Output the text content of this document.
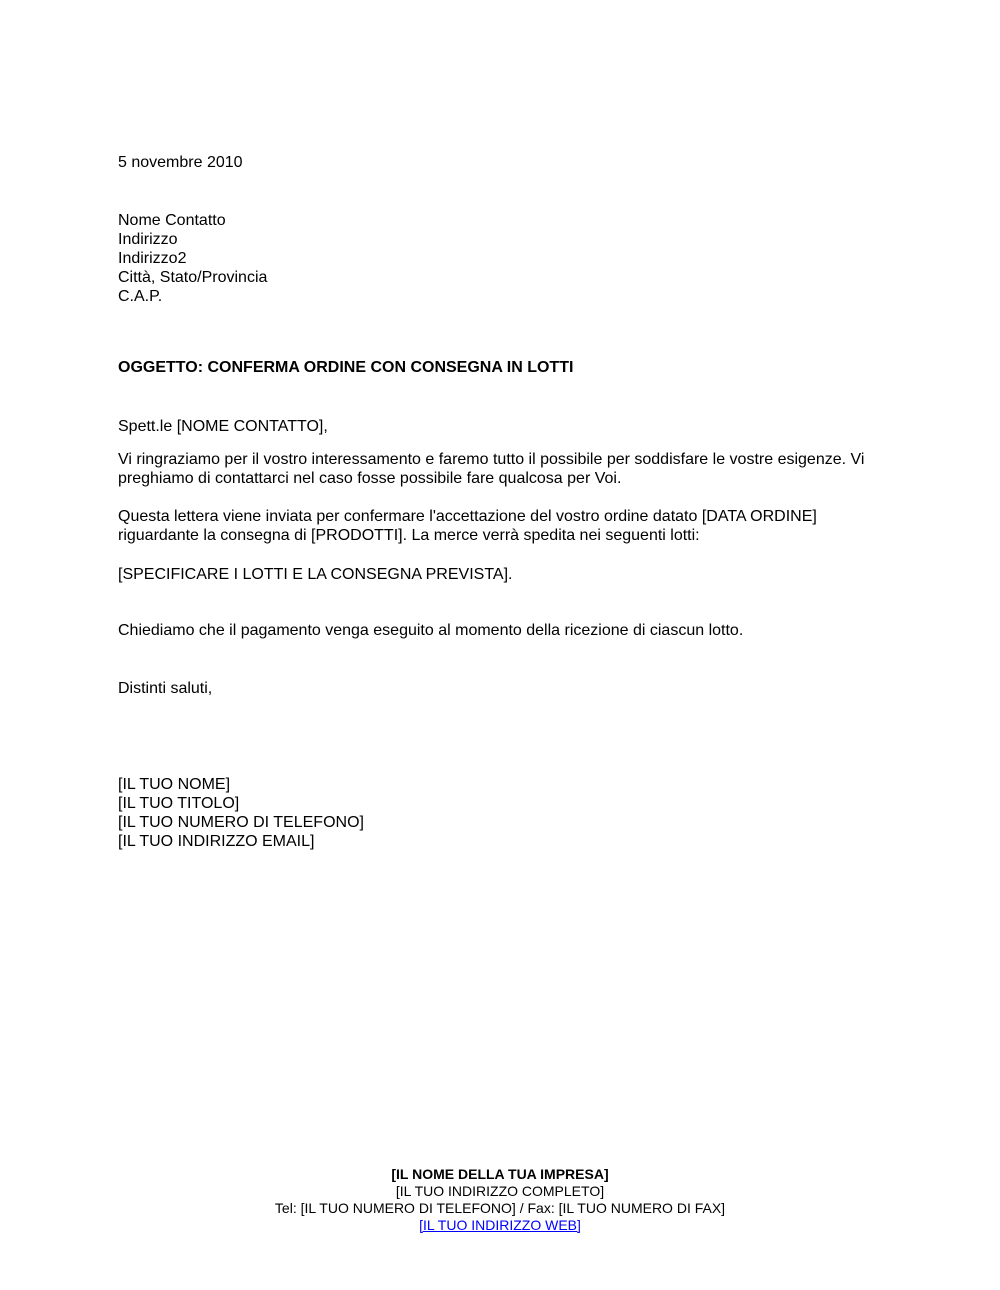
5 novembre 2010
Nome Contatto
Indirizzo
Indirizzo2
Città, Stato/Provincia
C.A.P.
OGGETTO: CONFERMA ORDINE CON CONSEGNA IN LOTTI
Spett.le [NOME CONTATTO],
Vi ringraziamo per il vostro interessamento e faremo tutto il possibile per soddisfare le vostre esigenze. Vi preghiamo di contattarci nel caso fosse possibile fare qualcosa per Voi.
Questa lettera viene inviata per confermare l'accettazione del vostro ordine datato [DATA ORDINE] riguardante la consegna di [PRODOTTI]. La merce verrà spedita nei seguenti lotti:
[SPECIFICARE I LOTTI E LA CONSEGNA PREVISTA].
Chiediamo che il pagamento venga eseguito al momento della ricezione di ciascun lotto.
Distinti saluti,
[IL TUO NOME]
[IL TUO TITOLO]
[IL TUO NUMERO DI TELEFONO]
[IL TUO INDIRIZZO EMAIL]
[IL NOME DELLA TUA IMPRESA]
[IL TUO INDIRIZZO COMPLETO]
Tel: [IL TUO NUMERO DI TELEFONO] / Fax: [IL TUO NUMERO DI FAX]
[IL TUO INDIRIZZO WEB]
